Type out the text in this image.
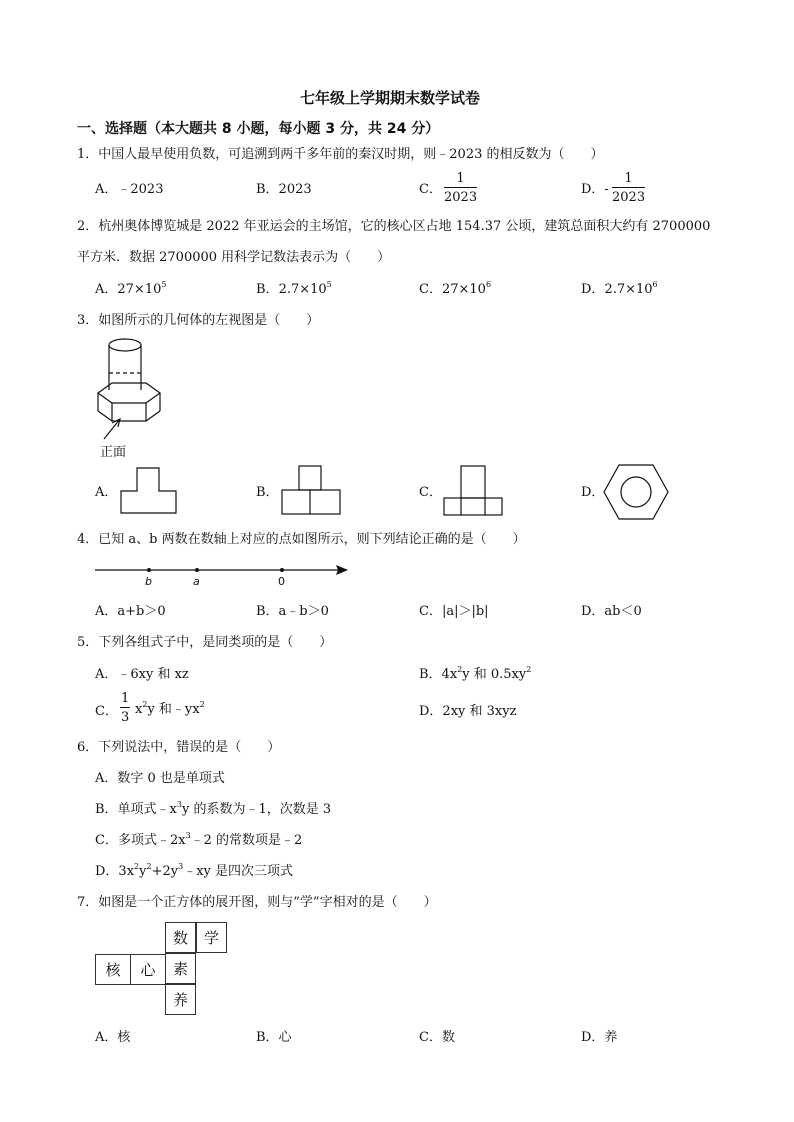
七年级上学期期末数学试卷
一、选择题（本大题共 8 小题，每小题 3 分，共 24 分）
1．中国人最早使用负数，可追溯到两千多年前的秦汉时期，则﹣2023 的相反数为（　　）
A．﹣2023	B．2023	C．
1
2023
D．-
1
2023
2．杭州奥体博览城是 2022 年亚运会的主场馆，它的核心区占地 154.37 公顷，建筑总面积大约有 2700000
平方米．数据 2700000 用科学记数法表示为（　　）
A．$27\times 10^5$	B．$2.7\times 10^5$	C．$27\times 10^6$	D．$2.7\times 10^6$
3．如图所示的几何体的左视图是（　　）
正面
A．	B．	C．	D．
4．已知 a、b 两数在数轴上对应的点如图所示，则下列结论正确的是（　　）
b	a	0
A．a+b＞0	B．a﹣b＞0	C．|a|＞|b|	D．ab＜0
5．下列各组式子中，是同类项的是（　　）
A．﹣6xy 和 xz	B．$4x^2y$ 和 $0.5xy^2$
C．
1
3
$x^2y$ 和$﹣yx^2$	D．2xy 和 3xyz
6．下列说法中，错误的是（　　）
A．数字 0 也是单项式
B．单项式$﹣x^3y$ 的系数为﹣1，次数是 3
C．多项式$﹣2x^3﹣2$ 的常数项是﹣2
D．$3x^2y^2+2y^3﹣xy$ 是四次三项式
7．如图是一个正方体的展开图，则与”学”字相对的是（　　）
数	学
核	心	素
养
A．核	B．心	C．数	D．养
